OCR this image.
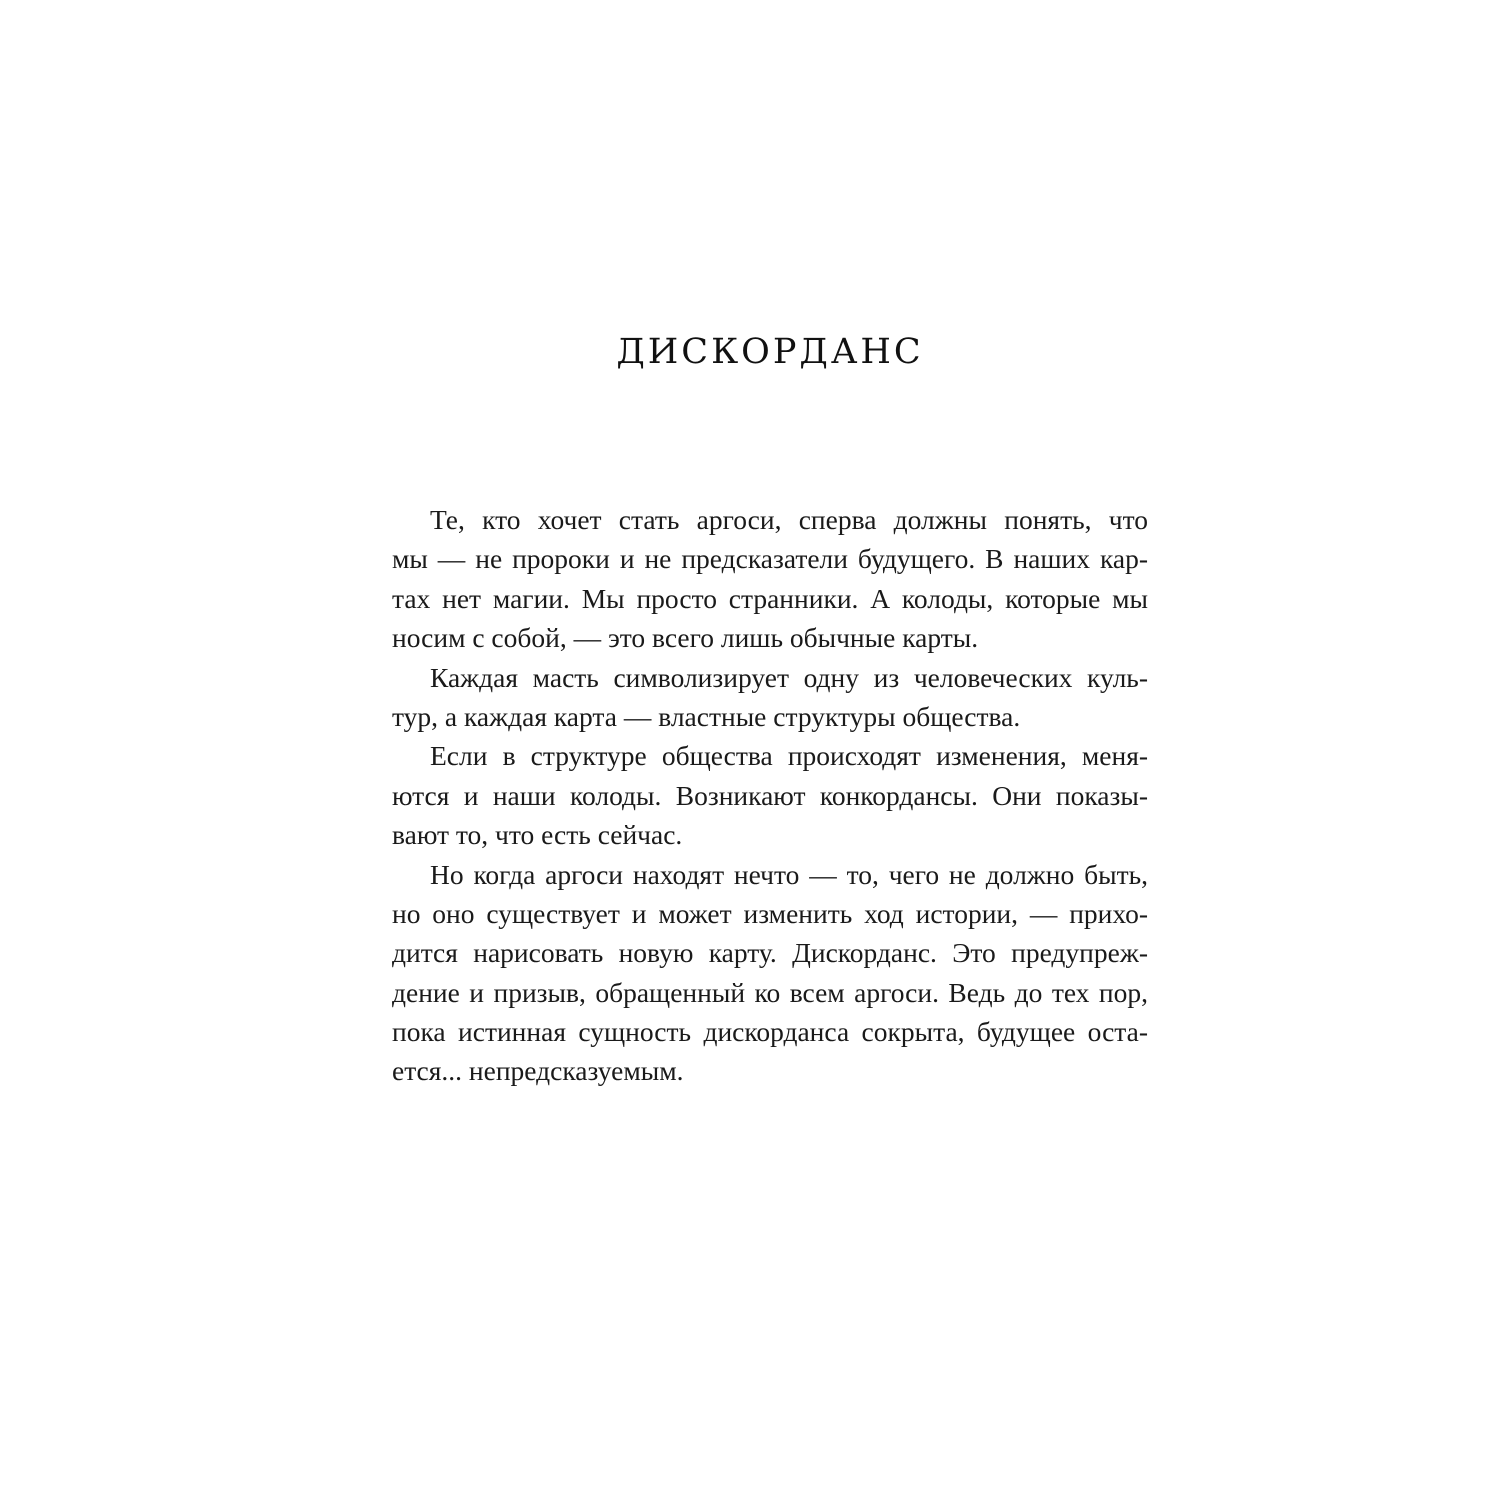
ДИСКОРДАНС
Те, кто хочет стать аргоси, сперва должны понять, что
мы — не пророки и не предсказатели будущего. В наших кар-
тах нет магии. Мы просто странники. А колоды, которые мы
носим с собой, — это всего лишь обычные карты.
Каждая масть символизирует одну из человеческих куль-
тур, а каждая карта — властные структуры общества.
Если в структуре общества происходят изменения, меня-
ются и наши колоды. Возникают конкордансы. Они показы-
вают то, что есть сейчас.
Но когда аргоси находят нечто — то, чего не должно быть,
но оно существует и может изменить ход истории, — прихо-
дится нарисовать новую карту. Дискорданс. Это предупреж-
дение и призыв, обращенный ко всем аргоси. Ведь до тех пор,
пока истинная сущность дискорданса сокрыта, будущее оста-
ется... непредсказуемым.
